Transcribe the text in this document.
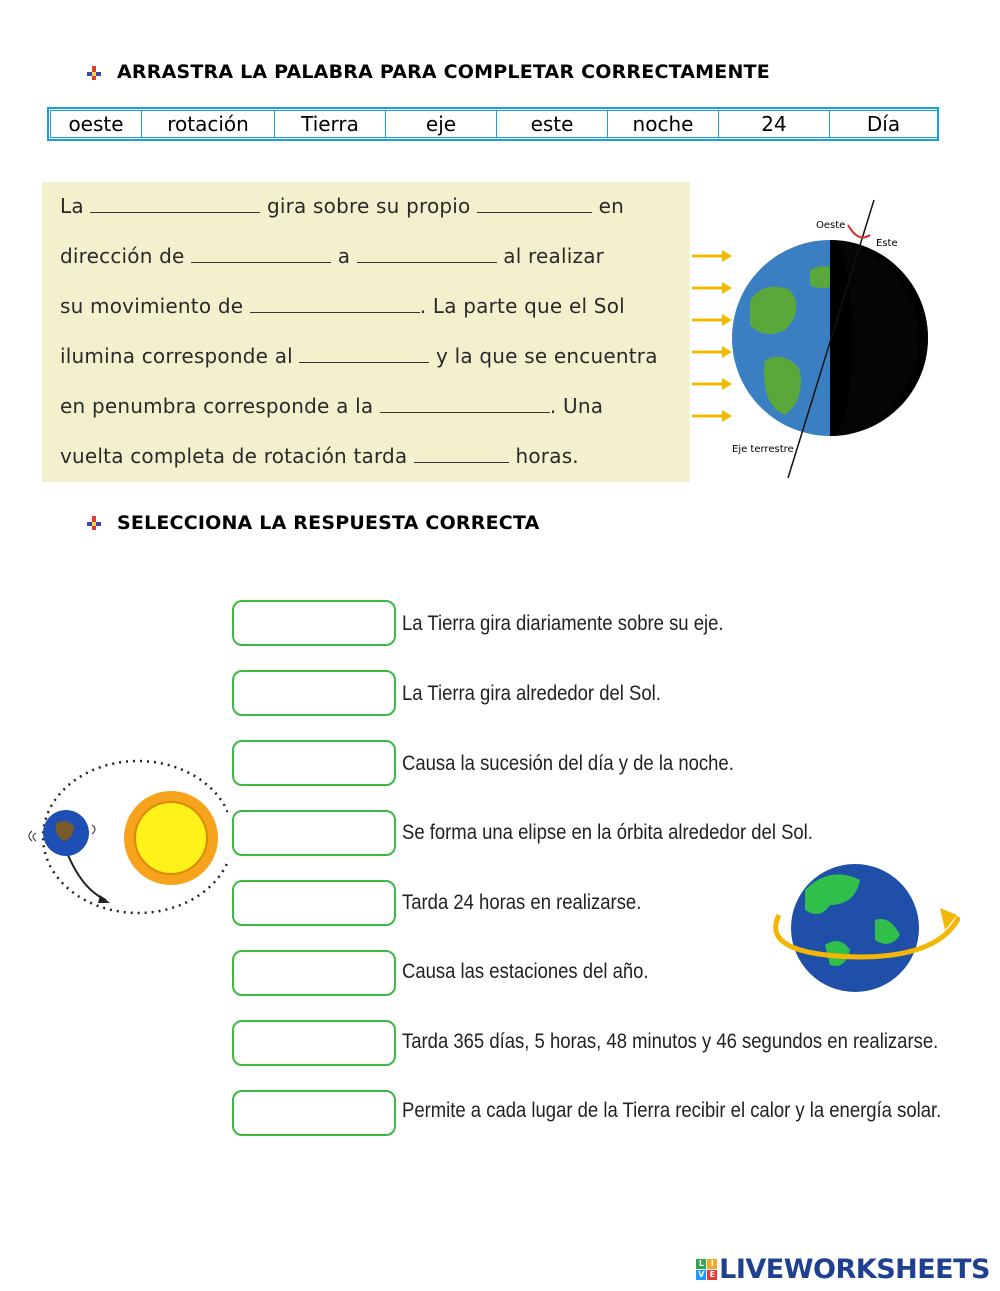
ARRASTRA LA PALABRA PARA COMPLETAR CORRECTAMENTE
oeste	rotación	Tierra	eje	este	noche	24	Día
La	gira sobre su propio	en
dirección de	a	al realizar
su movimiento de	. La parte que el Sol
ilumina corresponde al	y la que se encuentra
en penumbra corresponde a la	. Una
vuelta completa de rotación tarda	horas.
Oeste
Este
Eje terrestre
SELECCIONA LA RESPUESTA CORRECTA
La Tierra gira diariamente sobre su eje.
La Tierra gira alrededor del Sol.
Causa la sucesión del día y de la noche.
Se forma una elipse en la órbita alrededor del Sol.
Tarda 24 horas en realizarse.
Causa las estaciones del año.
Tarda 365 días, 5 horas, 48 minutos y 46 segundos en realizarse.
Permite a cada lugar de la Tierra recibir el calor y la energía solar.
L I
V E LIVEWORKSHEETS
